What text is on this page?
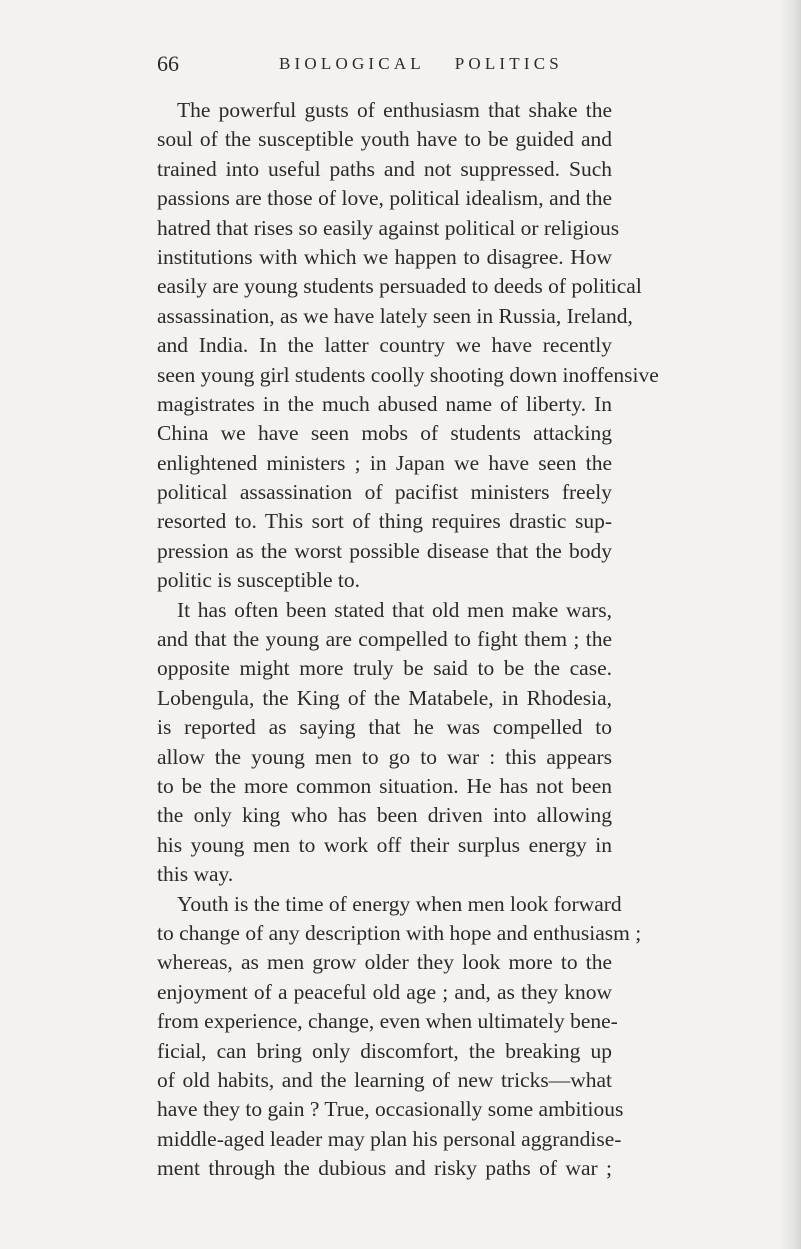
66	BIOLOGICAL POLITICS
The powerful gusts of enthusiasm that shake the
soul of the susceptible youth have to be guided and
trained into useful paths and not suppressed. Such
passions are those of love, political idealism, and the
hatred that rises so easily against political or religious
institutions with which we happen to disagree. How
easily are young students persuaded to deeds of political
assassination, as we have lately seen in Russia, Ireland,
and India. In the latter country we have recently
seen young girl students coolly shooting down inoffensive
magistrates in the much abused name of liberty. In
China we have seen mobs of students attacking
enlightened ministers ; in Japan we have seen the
political assassination of pacifist ministers freely
resorted to. This sort of thing requires drastic sup-
pression as the worst possible disease that the body
politic is susceptible to.
It has often been stated that old men make wars,
and that the young are compelled to fight them ; the
opposite might more truly be said to be the case.
Lobengula, the King of the Matabele, in Rhodesia,
is reported as saying that he was compelled to
allow the young men to go to war : this appears
to be the more common situation. He has not been
the only king who has been driven into allowing
his young men to work off their surplus energy in
this way.
Youth is the time of energy when men look forward
to change of any description with hope and enthusiasm ;
whereas, as men grow older they look more to the
enjoyment of a peaceful old age ; and, as they know
from experience, change, even when ultimately bene-
ficial, can bring only discomfort, the breaking up
of old habits, and the learning of new tricks—what
have they to gain ? True, occasionally some ambitious
middle-aged leader may plan his personal aggrandise-
ment through the dubious and risky paths of war ;
